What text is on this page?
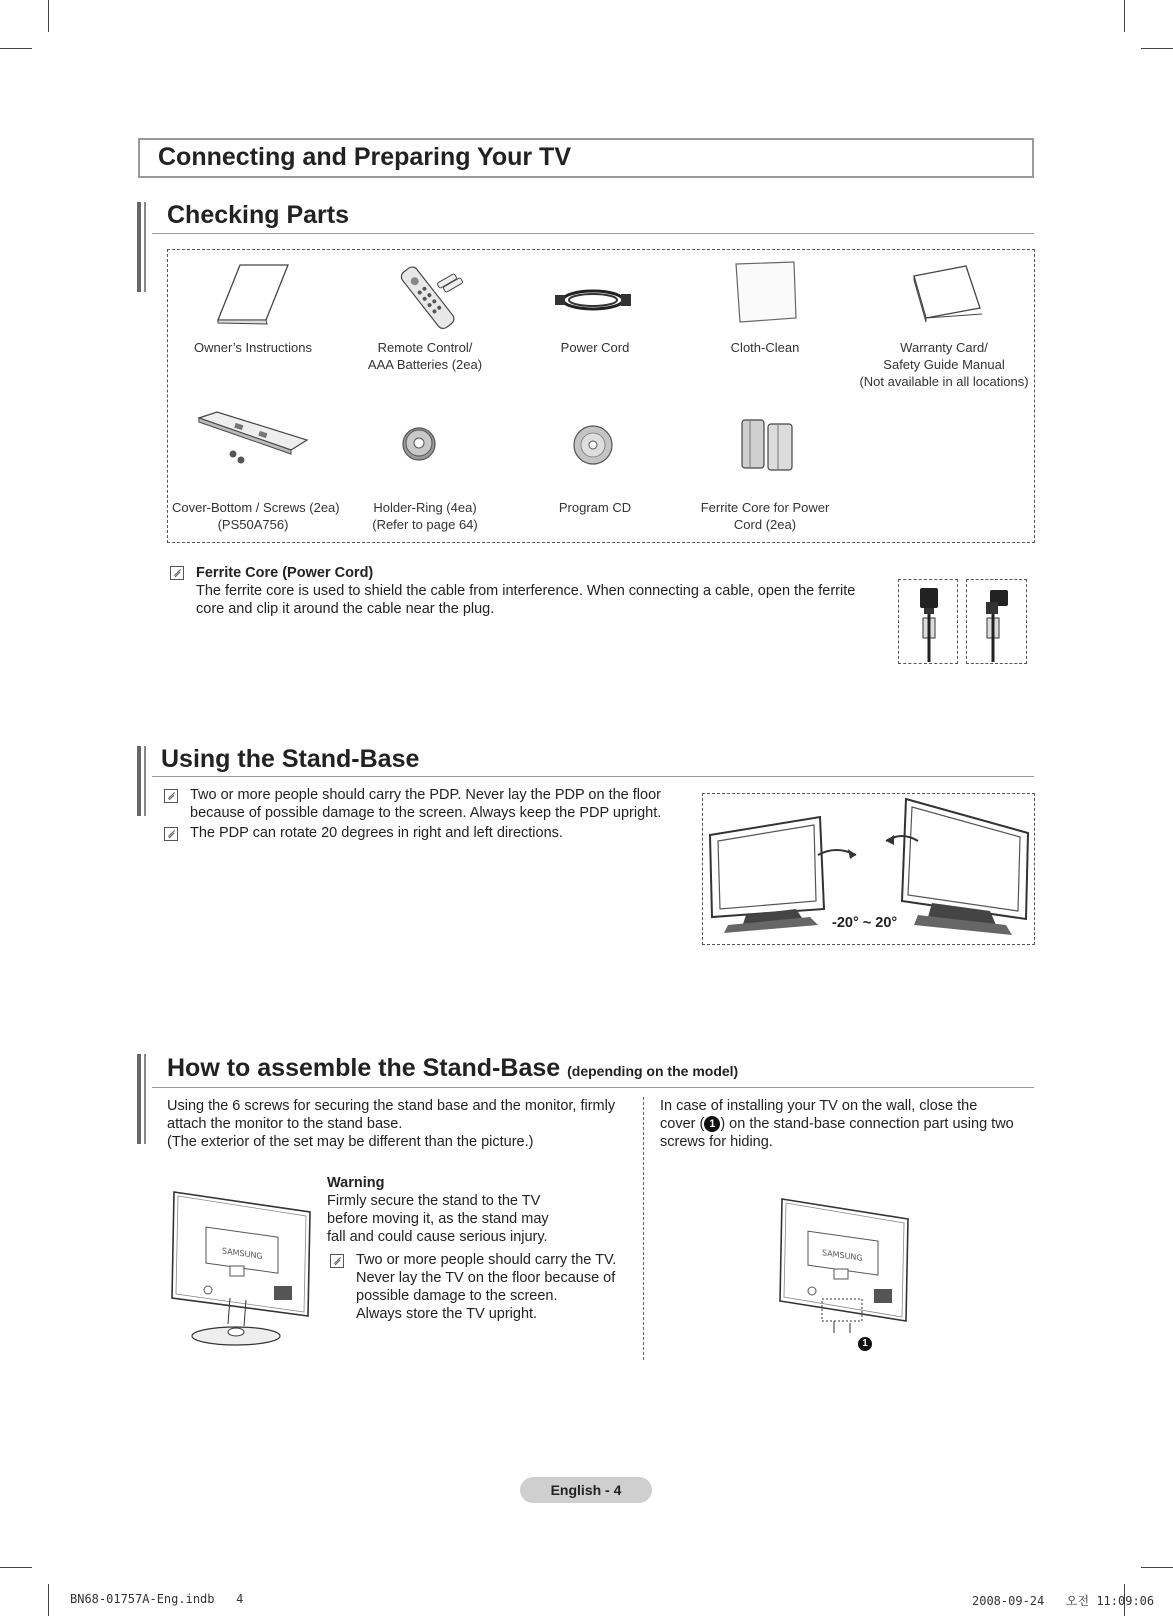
Connecting and Preparing Your TV
Checking Parts
Owner’s Instructions	Remote Control/
AAA Batteries (2ea)
Power Cord	Cloth-Clean	Warranty Card/
Safety Guide Manual
(Not available in all locations)
Cover-Bottom / Screws (2ea)
(PS50A756)
Holder-Ring (4ea)
(Refer to page 64)
Program CD	Ferrite Core for Power
Cord (2ea)
Ferrite Core (Power Cord)
The ferrite core is used to shield the cable from interference. When connecting a cable, open the ferrite
core and clip it around the cable near the plug.
Using the Stand-Base
Two or more people should carry the PDP. Never lay the PDP on the floor
because of possible damage to the screen. Always keep the PDP upright.
The PDP can rotate 20 degrees in right and left directions.
-20° ~ 20°
How to assemble the Stand-Base (depending on the model)
Using the 6 screws for securing the stand base and the monitor, firmly
attach the monitor to the stand base.
(The exterior of the set may be different than the picture.)
In case of installing your TV on the wall, close the
cover ( 1 ) on the stand-base connection part using two
screws for hiding.
Warning
Firmly secure the stand to the TV
before moving it, as the stand may
fall and could cause serious injury.
Two or more people should carry the TV.
Never lay the TV on the floor because of
possible damage to the screen.
Always store the TV upright.
SAMSUNG	SAMSUNG
1
English - 4
BN68-01757A-Eng.indb   4	2008-09-24   오전 11:09:06
